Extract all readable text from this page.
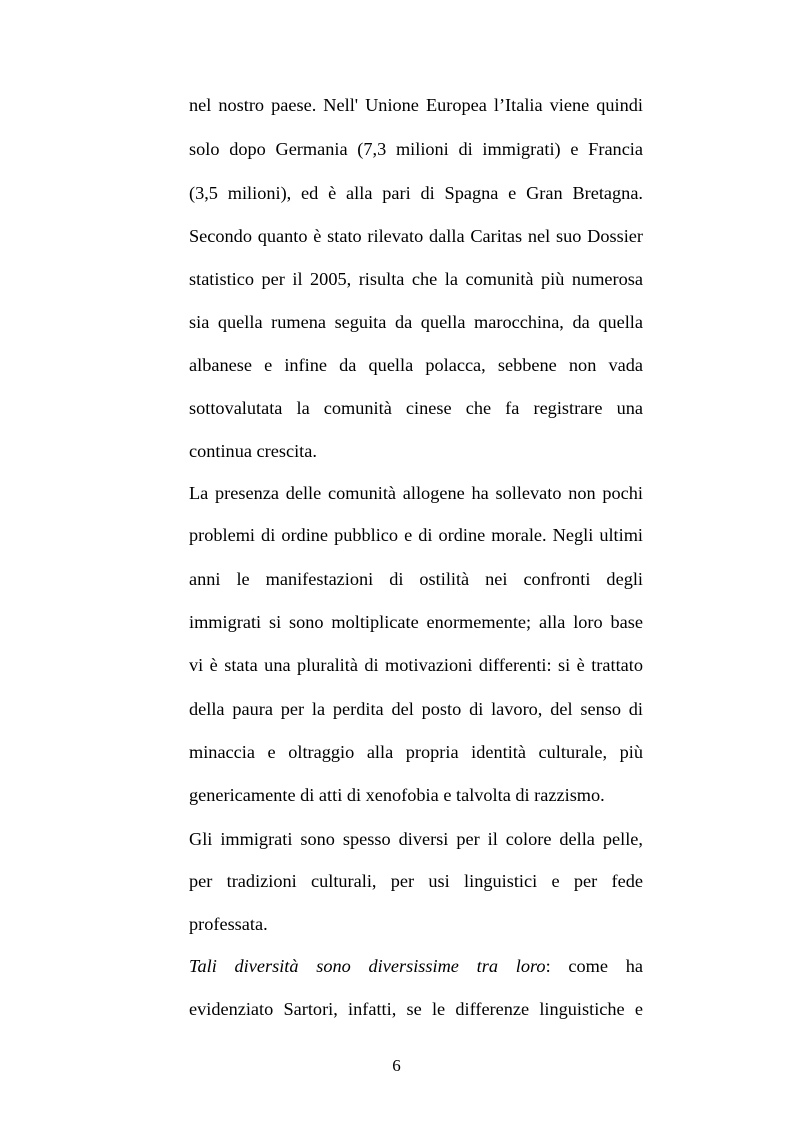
nel nostro paese. Nell' Unione Europea l’Italia viene quindi
solo dopo Germania (7,3 milioni di immigrati) e Francia
(3,5 milioni), ed è alla pari di Spagna e Gran Bretagna.
Secondo quanto è stato rilevato dalla Caritas nel suo Dossier
statistico per il 2005, risulta che la comunità più numerosa
sia quella rumena seguita da quella marocchina, da quella
albanese e infine da quella polacca, sebbene non vada
sottovalutata la comunità cinese che fa registrare una
continua crescita.
La presenza delle comunità allogene ha sollevato non pochi
problemi di ordine pubblico e di ordine morale. Negli ultimi
anni le manifestazioni di ostilità nei confronti degli
immigrati si sono moltiplicate enormemente; alla loro base
vi è stata una pluralità di motivazioni differenti: si è trattato
della paura per la perdita del posto di lavoro, del senso di
minaccia e oltraggio alla propria identità culturale, più
genericamente di atti di xenofobia e talvolta di razzismo.
Gli immigrati sono spesso diversi per il colore della pelle,
per tradizioni culturali, per usi linguistici e per fede
professata.
Tali diversità sono diversissime tra loro: come ha
evidenziato Sartori, infatti, se le differenze linguistiche e
6
